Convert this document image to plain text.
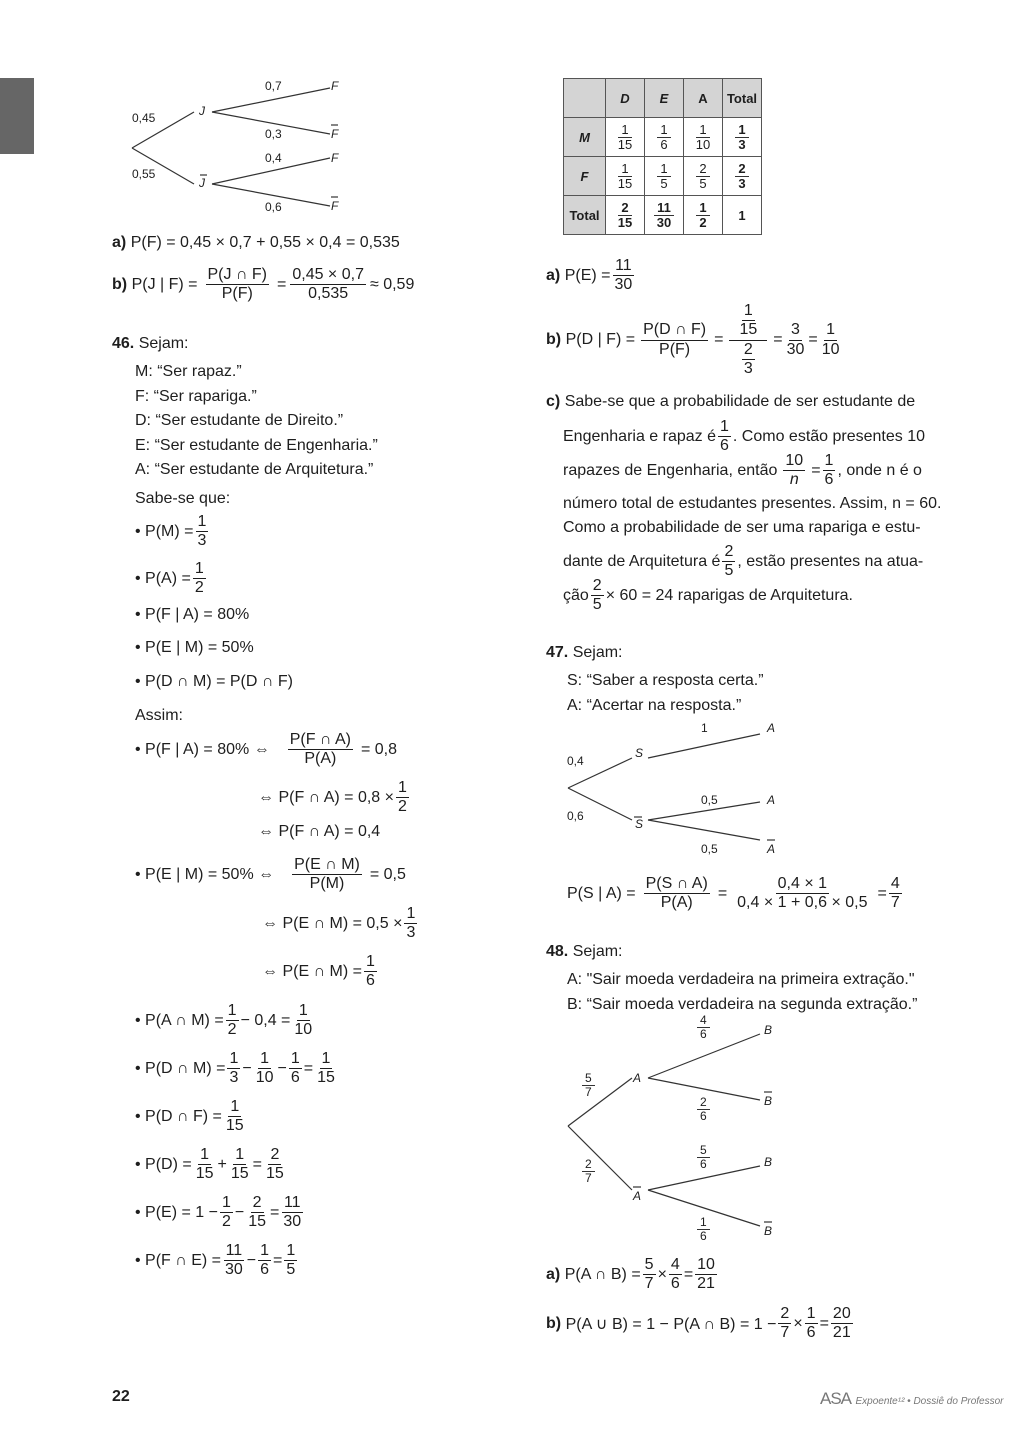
0,45
0,55
J
J
0,7
0,3
0,4
0,6
F
F
F
F
a) P(F) = 0,45 × 0,7 + 0,55 × 0,4 = 0,535
b)
P(J | $F) = \frac{P(J \cap F)}{P(F)} = \frac{0,45 \times 0,7}{0,535} \approx 0,59$
46. Sejam:
M: “Ser rapaz.”
F: “Ser rapariga.”
D: “Ser estudante de Direito.”
E: “Ser estudante de Engenharia.”
A: “Ser estudante de Arquitetura.”
Sabe-se que:
• $P(M) = \frac{1}{3}$
• $P(A) = \frac{1}{2}$
• P(F | A) = 80%
• P(E | M) = 50%
• P(D ∩ M) = P(D ∩ F)
Assim:
• P(F | A) = 80% ⇔ $\frac{P(F \cap A)}{P(A)} = 0,8$
⇔ P(F ∩ $A) = 0,8 \times \frac{1}{2}$
⇔ P(F ∩ A) = 0,4
• P(E | M) = 50% ⇔ $\frac{P(E \cap M)}{P(M)} = 0,5$
⇔ P(E ∩ $M) = 0,5 \times \frac{1}{3}$
⇔ P(E ∩ $M) = \frac{1}{6}$
• P(A ∩ $M) = \frac{1}{2} - 0,4 = \frac{1}{10}$
• P(D ∩ $M) = \frac{1}{3}$ −
1
10
−
1
6
=
1
15
• P(D ∩ $F) = \frac{1}{15}$
• $P(D) = \frac{1}{15}$ +
1
15
=
2
15
• $P(E) = 1 - \frac{1}{2}$ −
2
15
=
11
30
• P(F ∩ $E) = \frac{11}{30}$ −
1
6
=
1
5
	D	E	A	Total
M	$\frac{1}{15}$	$\frac{1}{6}$	$\frac{1}{10}$	$\frac{1}{3}$

F	$\frac{1}{15}$	$\frac{1}{5}$	$\frac{2}{5}$	$\frac{2}{3}$

Total	$\frac{2}{15}$	$\frac{11}{30}$	$\frac{1}{2}$	1
a)
$P(E) = \frac{11}{30}$
b)
P(D | $F) = \frac{P(D \cap F)}{P(F)} = \frac{1}{15}$
$\frac{2}{3}$
=
3
30
=
1
10
c) Sabe-se que a probabilidade de ser estudante de
Engenharia e rapaz é
1
6
. Como estão presentes 10
rapazes de Engenharia, então $\frac{10}{n} = \frac{1}{6}$ , onde n é o
número total de estudantes presentes. Assim, n = 60.
Como a probabilidade de ser uma rapariga e estu-
dante de Arquitetura é
2
5
, estão presentes na atua-
ção $\frac{2}{5} \times 60 = 24$ raparigas de Arquitetura.
47. Sejam:
S: “Saber a resposta certa.”
A: “Acertar na resposta.”
0,4
0,6
S
S
1
0,5
0,5
A
A
A
P(S | $A) = \frac{P(S \cap A)}{P(A)} = \frac{0,4 \times 1}{0,4 \times 1 + 0,6 \times 0,5}$ =
4
7
48. Sejam:
A: "Sair moeda verdadeira na primeira extração."
B: “Sair moeda verdadeira na segunda extração.”
$\frac{5}{7}$
$\frac{2}{7}$
A
A
$\frac{4}{6}$
$\frac{2}{6}$
$\frac{5}{6}$
$\frac{1}{6}$
B
B
B
B
a)
P(A ∩ $B) = \frac{5}{7}$ ×
4
6
=
10
21
b)
P(A ∪ B) = 1 − P(A ∩ $B) = 1 - \frac{2}{7}$ ×
1
6
=
20
21
22	ASA Expoente¹² • Dossiê do Professor
